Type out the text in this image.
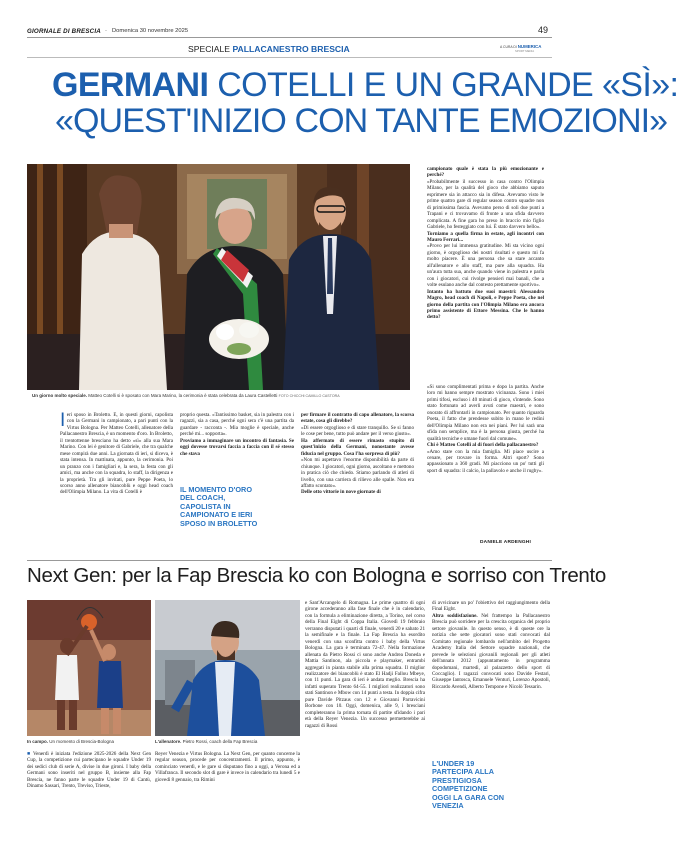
GIORNALE DI BRESCIA · Domenica 30 novembre 2025	49
SPECIALE PALLACANESTRO BRESCIA	A CURA DI NUMERICA
SPORT MEDIA
GERMANI COTELLI E UN GRANDE «SÌ»:
«QUEST'INIZIO CON TANTE EMOZIONI»
Un giorno molto speciale. Matteo Cotelli si è sposato con Mara Marino, la cerimonia è stata celebrata da Laura Castelletti FOTO CHICCHI CAMILLO CASTORA
Ieri sposo in Broletto. E, in questi giorni, capolista con la Germani in campionato, a pari punti con la Virtus Bologna. Per Matteo Cotelli, allenatore della Pallacanestro Brescia, è un momento d'oro. In Broletto, il trentottenne bresciano ha detto «sì» alla sua Mara Marino. Con lei è genitore di Gabriele, che tra qualche mese compirà due anni. La giornata di ieri, si diceva, è stata intensa. In mattinata, appunto, la cerimonia. Poi un pranzo con i famigliari e, la sera, la festa con gli amici, ma anche con la squadra, lo staff, la dirigenza e la proprietà. Tra gli invitati, pure Peppe Poeta, lo scorso anno allenatore biancoblù e oggi head coach dell'Olimpia Milano. La vita di Cotelli è
proprio questa. «Tantissimo basket, sia in palestra con i ragazzi, sia a casa, perché ogni sera c'è una partita da guardare - racconta -. Mia moglie è speciale, anche perché mi... sopporta».
Proviamo a immaginare un incontro di fantasia. Se oggi dovesse trovarsi faccia a faccia con il sé stesso che stava
IL MOMENTO D'ORO DEL COACH, CAPOLISTA IN CAMPIONATO E IERI SPOSO IN BROLETTO
per firmare il contratto di capo allenatore, la scorsa estate, cosa gli direbbe?
«Di essere orgoglioso e di stare tranquillo. Se si fanno le cose per bene, tutto può andare per il verso giusto».
Ha affermato di essere rimasto stupito di quest'inizio della Germani, nonostante avesse fiducia nel gruppo. Cosa l'ha sorpresa di più?
«Non mi aspettavo l'enorme disponibilità da parte di chiunque. I giocatori, ogni giorno, ascoltano e mettono in pratica ciò che chiedo. Stiamo parlando di atleti di livello, con una carriera di rilievo alle spalle. Non era affatto scontato».
Delle otto vittorie in nove giornate di
campionato quale è stata la più emozionante e perché?
«Probabilmente il successo in casa contro l'Olimpia Milano, per la qualità del gioco che abbiamo saputo esprimere sia in attacco sia in difesa. Avevamo visto le prime quattro gare di regular season contro squadre non di primissima fascia. Avevamo perso di soli due punti a Trapani e ci trovavamo di fronte a una sfida davvero complicata. A fine gara ho preso in braccio mio figlio Gabriele, ho festeggiato con lui. È stato davvero bello».
Torniamo a quella firma in estate, agli incontri con Mauro Ferrari...
«Provo per lui immensa gratitudine. Mi sta vicino ogni giorno, è orgoglioso dei nostri risultati e questo mi fa molto piacere. È una persona che sa stare accanto all'allenatore e allo staff, ma pure alla squadra. Ha un'aura tutta sua, anche quando viene in palestra e parla con i giocatori, cui rivolge pensieri mai banali, che a volte esulano anche dal contesto prettamente sportivo».
Intanto ha battuto due suoi maestri: Alessandro Magro, head coach di Napoli, e Peppe Poeta, che nel giorno della partita con l'Olimpia Milano era ancora primo assistente di Ettore Messina. Che le hanno detto?
«Si sono complimentati prima e dopo la partita. Anche loro mi hanno sempre mostrato vicinanza. Sono i miei primi tifosi, escluso i 40 minuti di gioco, s'intende. Sono stato fortunato ad averli avuti come maestri, e sono onorato di affrontarli in campionato. Per quanto riguarda Poeta, il fatto che prendesse subito in mano le redini dell'Olimpia Milano non era nei piani. Per lui sarà una sfida non semplice, ma è la persona giusta, perché ha qualità tecniche e umane fuori dal comune».
Chi è Matteo Cotelli al di fuori della pallacanestro?
«Amo stare con la mia famiglia. Mi piace uscire a cenare, per trovare in forma. Altri sport? Sono appassionato a 360 gradi. Mi piacciono un po' tutti gli sport di squadra: il calcio, la pallavolo e anche il rugby».
DANIELE ARDENGHI
Next Gen: per la Fap Brescia ko con Bologna e sorriso con Trento
In campo. Un momento di Brescia-Bologna	L'allenatore. Pietro Rossi, coach della Fap Brescia
■ Venerdì è iniziata l'edizione 2025-2026 della Next Gen Cup, la competizione cui partecipano le squadre Under 19 dei sedici club di serie A, divise in due gironi. I baby della Germani sono inseriti nel gruppo B, insieme alla Fap Brescia, ne fanno parte le squadre Under 19 di Cantù, Dinamo Sassari, Trento, Treviso, Trieste,
Reyer Venezia e Virtus Bologna. La Next Gen, per quanto concerne la regular season, procede per concentramenti. Il primo, appunto, è cominciato venerdì, e le gare si disputano fino a oggi, a Verona ed a Villafranca. Il secondo slot di gare è invece in calendario tra lunedì 5 e giovedì 8 gennaio, tra Rimini
e Sant'Arcangelo di Romagna. Le prime quattro di ogni girone accederanno alla fase finale che è in calendario, con la formula a eliminazione diretta, a Torino, nel corso della Final Eight di Coppa Italia. Giovedì 19 febbraio verranno disputati i quarti di finale, venerdì 20 e sabato 21 la semifinale e la finale. La Fap Brescia ha esordito venerdì con una sconfitta contro i baby della Virtus Bologna. La gara è terminata 72-47. Nella formazione allenata da Pietro Rossi ci sono anche Andrea Doneda e Mattia Santinon, ala piccola e playmaker, entrambi aggregati in pianta stabile alla prima squadra. Il miglior realizzatore dei biancoblù è stato El Hadji Fallou Mbeye, con 11 punti. La gara di ieri è andata meglio. Brescia ha infatti superato Trento 64-55. I migliori realizzatori sono stati Santinon e Mbow con 14 punti a testa. In doppia cifra pure Davide Pitzaus con 12 e Giovanni Parravicini Borbone con 10. Oggi, domenica, alle 9, i bresciani completeranno la prima tornata di partite sfidando i pari età della Reyer Venezia. Un successo permetterebbe ai ragazzi di Rossi
di avvicinare un po' l'obiettivo del raggiungimento della Final Eight.
Altra soddisfazione. Nel frattempo la Pallacanestro Brescia può sorridere per la crescita organica del proprio settore giovanile. In questo senso, è di queste ore la notizia che sette giocatori sono stati convocati dal Comitato regionale lombardo nell'ambito del Progetto Academy Italia del Settore squadre nazionali, che prevede le selezioni giovanili regionali per gli atleti dell'annata 2012 (appuntamento in programma dopodomani, martedì, al palazzetto dello sport di Coccaglio). I ragazzi convocati sono Davide Festari, Giuseppe Iantosca, Emanuele Venturi, Lorenzo Apostoli, Riccardo Avendi, Alberto Tempone e Nicolò Tessarin.
L'UNDER 19 PARTECIPA ALLA PRESTIGIOSA COMPETIZIONE OGGI LA GARA CON VENEZIA
